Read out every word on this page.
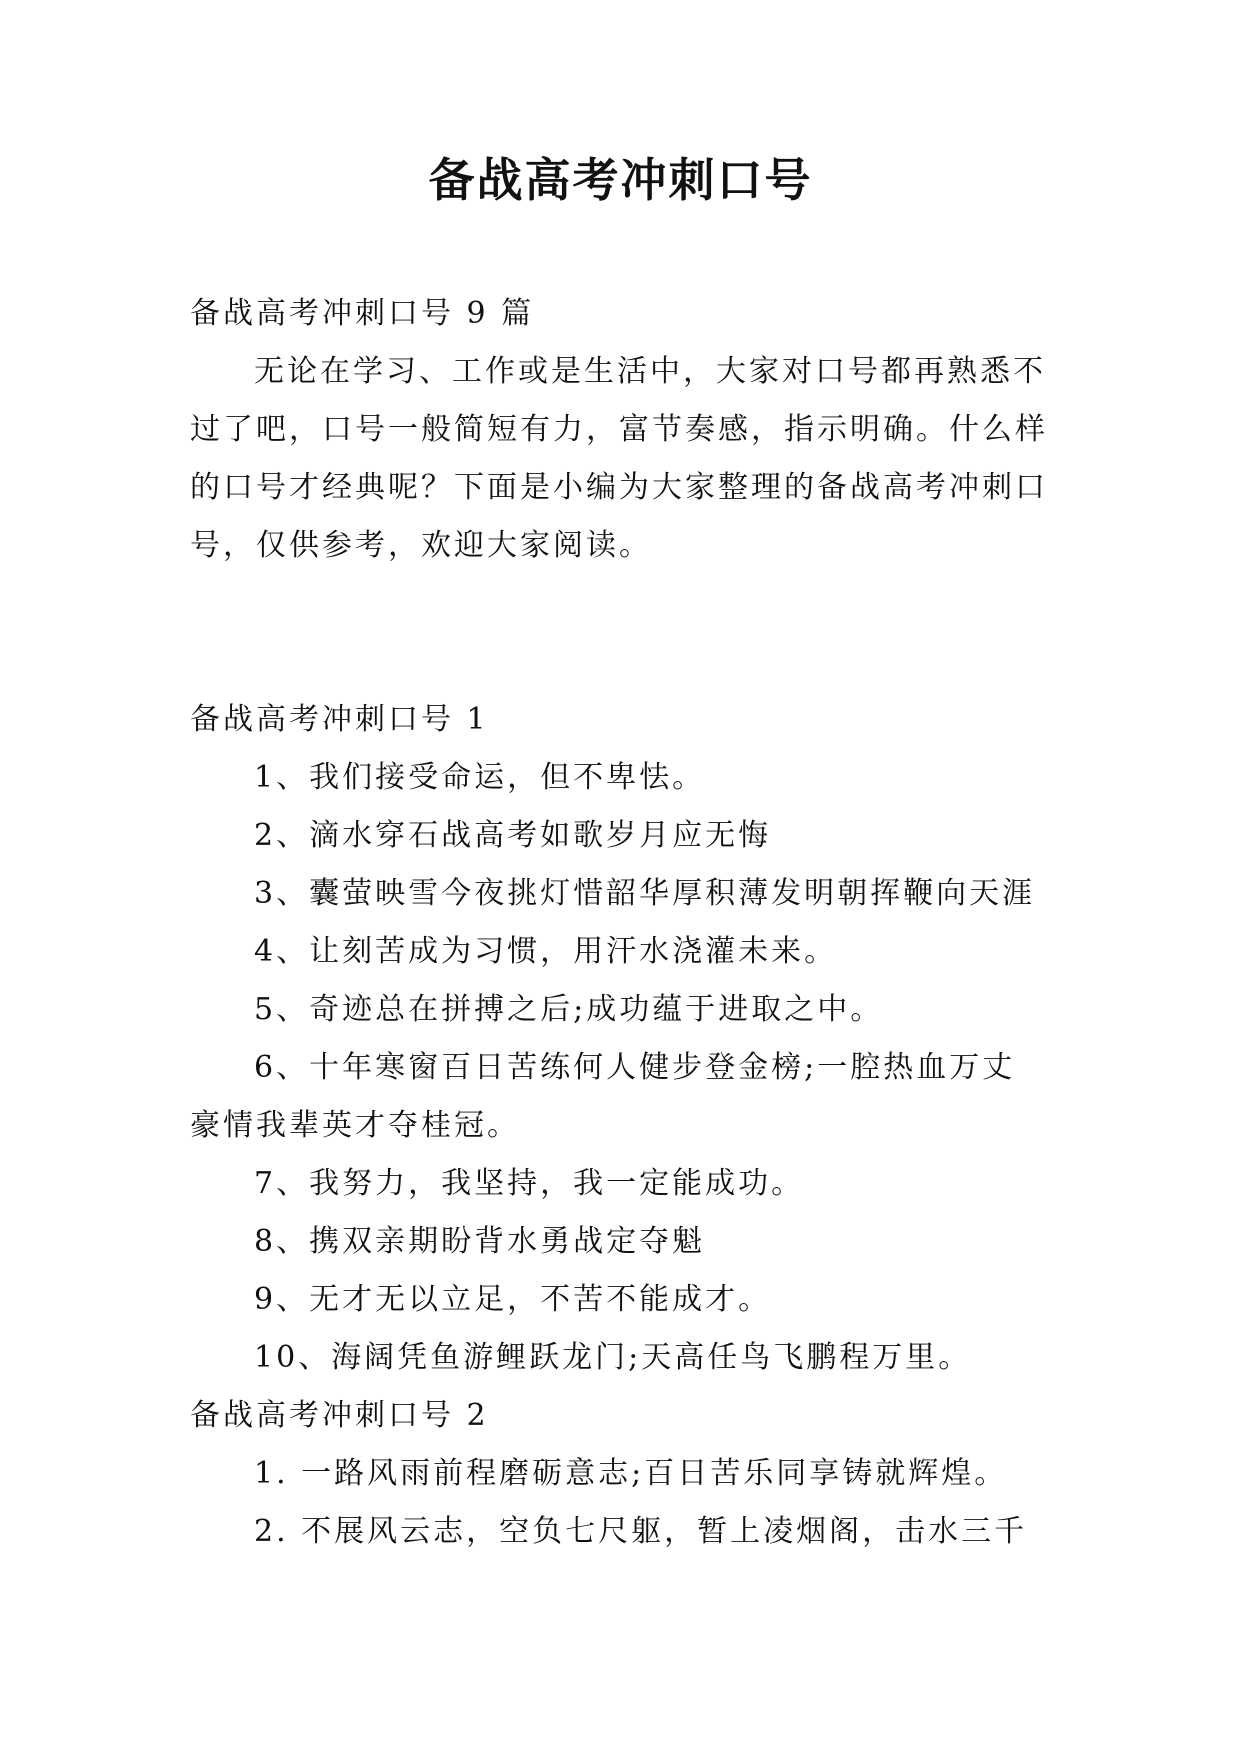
备战高考冲刺口号

备战高考冲刺口号 9 篇

无论在学习、工作或是生活中，大家对口号都再熟悉不过了吧，口号一般简短有力，富节奏感，指示明确。什么样的口号才经典呢？下面是小编为大家整理的备战高考冲刺口号，仅供参考，欢迎大家阅读。

备战高考冲刺口号 1

1、我们接受命运，但不卑怯。

2、滴水穿石战高考如歌岁月应无悔

3、囊萤映雪今夜挑灯惜韶华厚积薄发明朝挥鞭向天涯

4、让刻苦成为习惯，用汗水浇灌未来。

5、奇迹总在拼搏之后;成功蕴于进取之中。

6、十年寒窗百日苦练何人健步登金榜;一腔热血万丈豪情我辈英才夺桂冠。

7、我努力，我坚持，我一定能成功。

8、携双亲期盼背水勇战定夺魁

9、无才无以立足，不苦不能成才。

10、海阔凭鱼游鲤跃龙门;天高任鸟飞鹏程万里。

备战高考冲刺口号 2

1. 一路风雨前程磨砺意志;百日苦乐同享铸就辉煌。

2. 不展风云志，空负七尺躯，暂上凌烟阁，击水三千
